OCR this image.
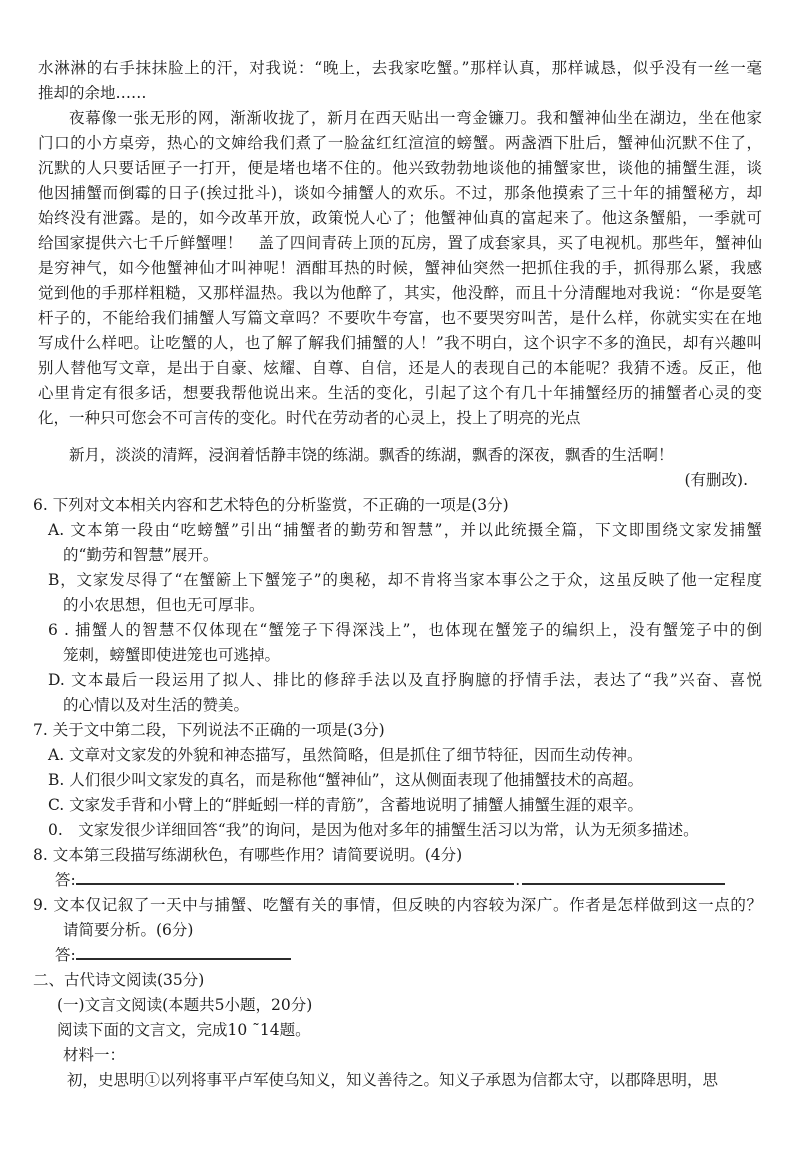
水淋淋的右手抹抹脸上的汗，对我说：“晚上，去我家吃蟹。”那样认真，那样诚恳，似乎没有一丝一毫
推却的余地……
夜幕像一张无形的网，渐渐收拢了，新月在西天贴出一弯金镰刀。我和蟹神仙坐在湖边，坐在他家
门口的小方桌旁，热心的文婶给我们煮了一脸盆红红渲渲的螃蟹。两盏酒下肚后，蟹神仙沉默不住了，
沉默的人只要话匣子一打开，便是堵也堵不住的。他兴致勃勃地谈他的捕蟹家世，谈他的捕蟹生涯，谈
他因捕蟹而倒霉的日子(挨过批斗)，谈如今捕蟹人的欢乐。不过，那条他摸索了三十年的捕蟹秘方，却
始终没有泄露。是的，如今改革开放，政策悦人心了；他蟹神仙真的富起来了。他这条蟹船，一季就可
给国家提供六七千斤鲜蟹哩！　盖了四间青砖上顶的瓦房，置了成套家具，买了电视机。那些年，蟹神仙
是穷神气，如今他蟹神仙才叫神呢！酒酣耳热的时候，蟹神仙突然一把抓住我的手，抓得那么紧，我感
觉到他的手那样粗糙，又那样温热。我以为他醉了，其实，他没醉，而且十分清醒地对我说：“你是耍笔
杆子的，不能给我们捕蟹人写篇文章吗？不要吹牛夸富，也不要哭穷叫苦，是什么样，你就实实在在地
写成什么样吧。让吃蟹的人，也了解了解我们捕蟹的人！”我不明白，这个识字不多的渔民，却有兴趣叫
别人替他写文章，是出于自豪、炫耀、自尊、自信，还是人的表现自己的本能呢？我猜不透。反正，他
心里肯定有很多话，想要我帮他说出来。生活的变化，引起了这个有几十年捕蟹经历的捕蟹者心灵的变
化，一种只可您会不可言传的变化。时代在劳动者的心灵上，投上了明亮的光点
新月，淡淡的清辉，浸润着恬静丰饶的练湖。飘香的练湖，飘香的深夜，飘香的生活啊！
(有删改).
6. 下列对文本相关内容和艺术特色的分析鉴赏，不正确的一项是(3分)
A. 文本第一段由“吃螃蟹”引出“捕蟹者的勤劳和智慧”，并以此统摄全篇，下文即围绕文家发捕蟹
的“勤劳和智慧”展开。
B，文家发尽得了“在蟹簖上下蟹笼子”的奥秘，却不肯将当家本事公之于众，这虽反映了他一定程度
的小农思想，但也无可厚非。
6 . 捕蟹人的智慧不仅体现在“蟹笼子下得深浅上”，也体现在蟹笼子的编织上，没有蟹笼子中的倒
笼刺，螃蟹即使进笼也可逃掉。
D. 文本最后一段运用了拟人、排比的修辞手法以及直抒胸臆的抒情手法，表达了“我”兴奋、喜悦
的心情以及对生活的赞美。
7. 关于文中第二段，下列说法不正确的一项是(3分)
A. 文章对文家发的外貌和神态描写，虽然简略，但是抓住了细节特征，因而生动传神。
B. 人们很少叫文家发的真名，而是称他“蟹神仙”，这从侧面表现了他捕蟹技术的高超。
C. 文家发手背和小臂上的“胖蚯蚓一样的青筋”，含蓄地说明了捕蟹人捕蟹生涯的艰辛。
0.　文家发很少详细回答“我”的询问，是因为他对多年的捕蟹生活习以为常，认为无须多描述。
8. 文本第三段描写练湖秋色，有哪些作用？请简要说明。(4分)
答:	.
9. 文本仅记叙了一天中与捕蟹、吃蟹有关的事情，但反映的内容较为深广。作者是怎样做到这一点的？
请简要分析。(6分)
答:
二、古代诗文阅读(35分)
(一)文言文阅读(本题共5小题，20分)
阅读下面的文言文，完成10 ˜14题。
材料一：
初，史思明①以列将事平卢军使乌知义，知义善待之。知义子承恩为信都太守，以郡降思明，思
